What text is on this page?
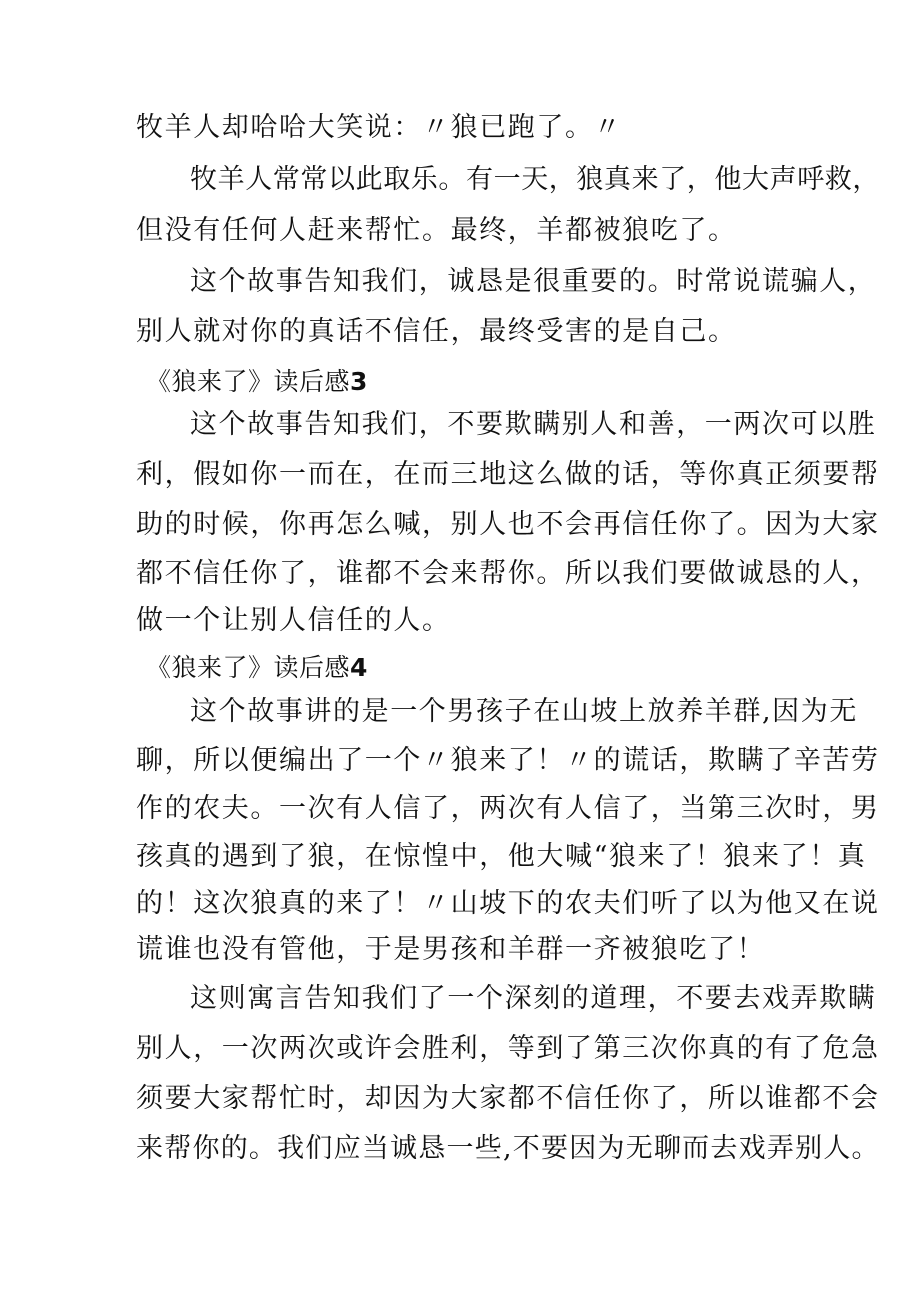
牧羊人却哈哈大笑说：〃狼已跑了。〃
牧羊人常常以此取乐。有一天，狼真来了，他大声呼救，
但没有任何人赶来帮忙。最终，羊都被狼吃了。
这个故事告知我们，诚恳是很重要的。时常说谎骗人，
别人就对你的真话不信任，最终受害的是自己。
《狼来了》读后感3
这个故事告知我们，不要欺瞒别人和善，一两次可以胜
利，假如你一而在，在而三地这么做的话，等你真正须要帮
助的时候，你再怎么喊，别人也不会再信任你了。因为大家
都不信任你了，谁都不会来帮你。所以我们要做诚恳的人，
做一个让别人信任的人。
《狼来了》读后感4
这个故事讲的是一个男孩子在山坡上放养羊群,因为无
聊，所以便编出了一个〃狼来了！〃的谎话，欺瞒了辛苦劳
作的农夫。一次有人信了，两次有人信了，当第三次时，男
孩真的遇到了狼，在惊惶中，他大喊“狼来了！狼来了！真
的！这次狼真的来了！〃山坡下的农夫们听了以为他又在说
谎谁也没有管他，于是男孩和羊群一齐被狼吃了！
这则寓言告知我们了一个深刻的道理，不要去戏弄欺瞒
别人，一次两次或许会胜利，等到了第三次你真的有了危急
须要大家帮忙时，却因为大家都不信任你了，所以谁都不会
来帮你的。我们应当诚恳一些,不要因为无聊而去戏弄别人。
